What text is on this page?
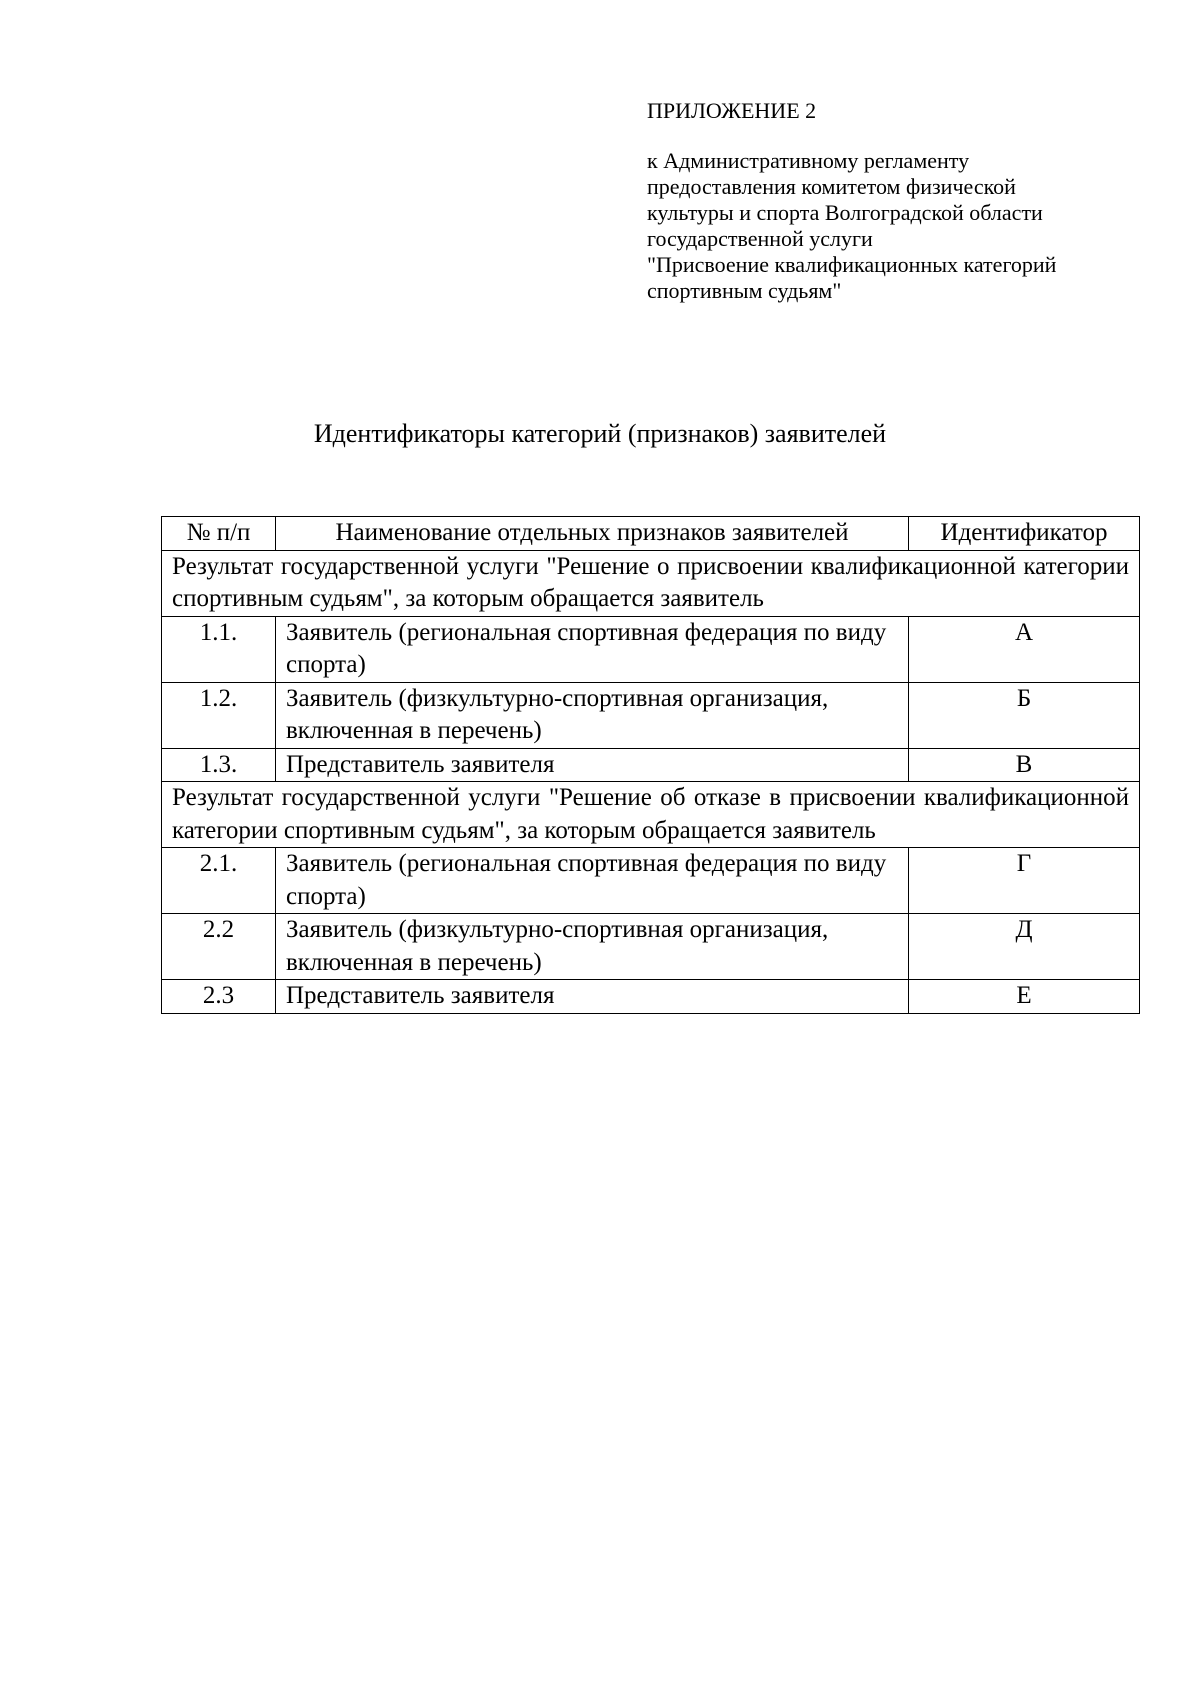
ПРИЛОЖЕНИЕ 2
к Административному регламенту
предоставления комитетом физической
культуры и спорта Волгоградской области
государственной услуги
"Присвоение квалификационных категорий
спортивным судьям"
Идентификаторы категорий (признаков) заявителей
№ п/п	Наименование отдельных признаков заявителей	Идентификатор
Результат государственной услуги "Решение о присвоении квалификационной категории спортивным судьям", за которым обращается заявитель		
1.1.	Заявитель (региональная спортивная федерация по виду спорта)	А
1.2.	Заявитель (физкультурно-спортивная организация, включенная в перечень)	Б
1.3.	Представитель заявителя	В
Результат государственной услуги "Решение об отказе в присвоении квалификационной категории спортивным судьям", за которым обращается заявитель		
2.1.	Заявитель (региональная спортивная федерация по виду спорта)	Г
2.2	Заявитель (физкультурно-спортивная организация, включенная в перечень)	Д
2.3	Представитель заявителя	Е
